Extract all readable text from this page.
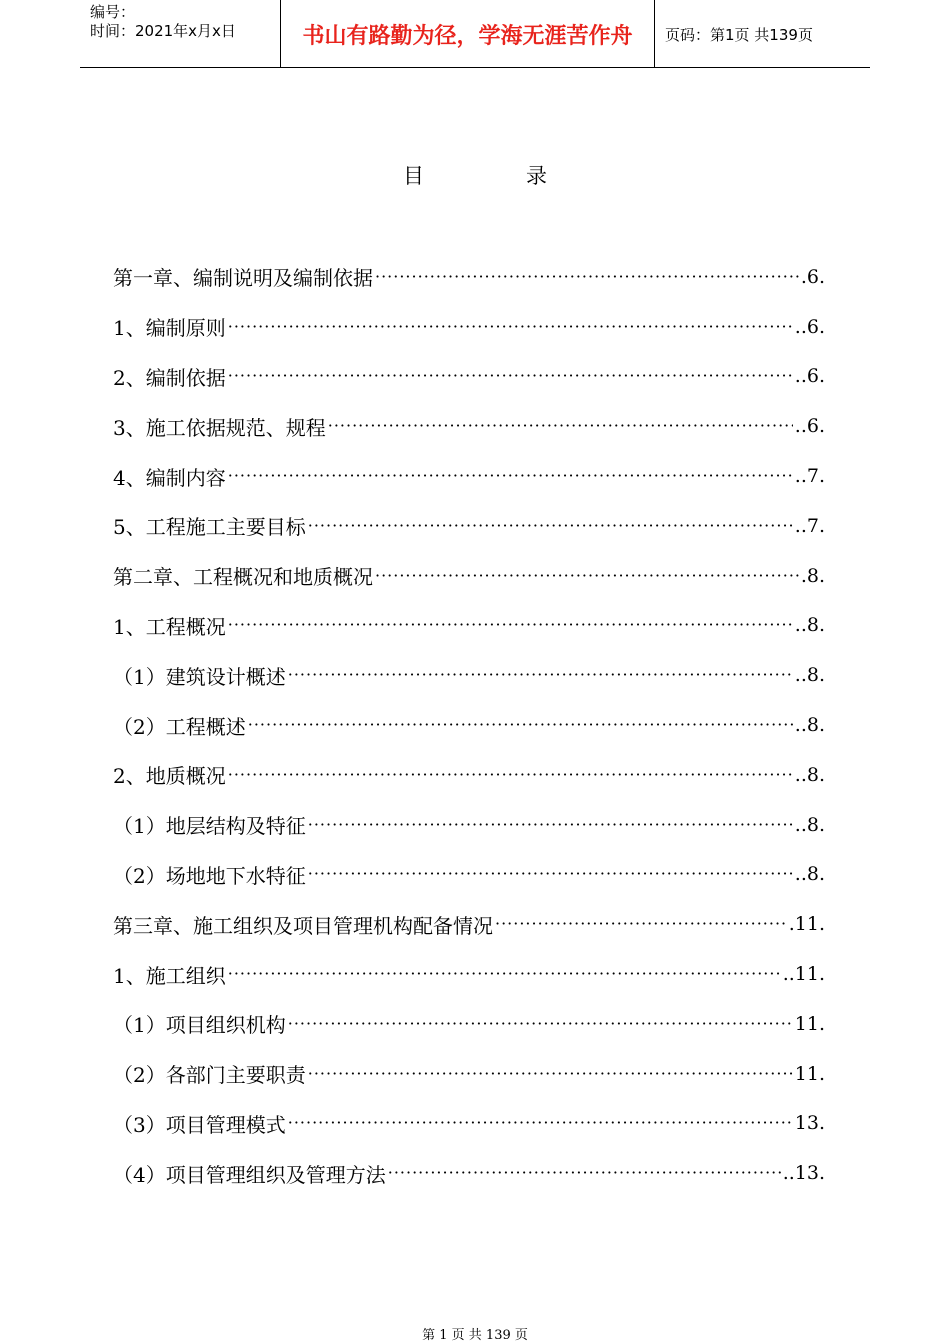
编号：
时间：2021年x月x日	书山有路勤为径，学海无涯苦作舟	页码：第1页 共139页
目	录
第一章、编制说明及编制依据 ·····	.6.
1、编制原则 ·····	..6.
2、编制依据 ·····	..6.
3、施工依据规范、规程 ·····	..6.
4、编制内容 ·····	..7.
5、工程施工主要目标 ·····	..7.
第二章、工程概况和地质概况 ·····	.8.
1、工程概况 ·····	..8.
（1）建筑设计概述 ·····	..8.
（2）工程概述 ·····	..8.
2、地质概况 ·····	..8.
（1）地层结构及特征 ·····	..8.
（2）场地地下水特征 ·····	..8.
第三章、施工组织及项目管理机构配备情况 ·····	.11.
1、施工组织 ·····	..11.
（1）项目组织机构 ·····	11.
（2）各部门主要职责 ·····	11.
（3）项目管理模式 ·····	13.
（4）项目管理组织及管理方法 ·····	..13.
第 1 页 共 139 页
